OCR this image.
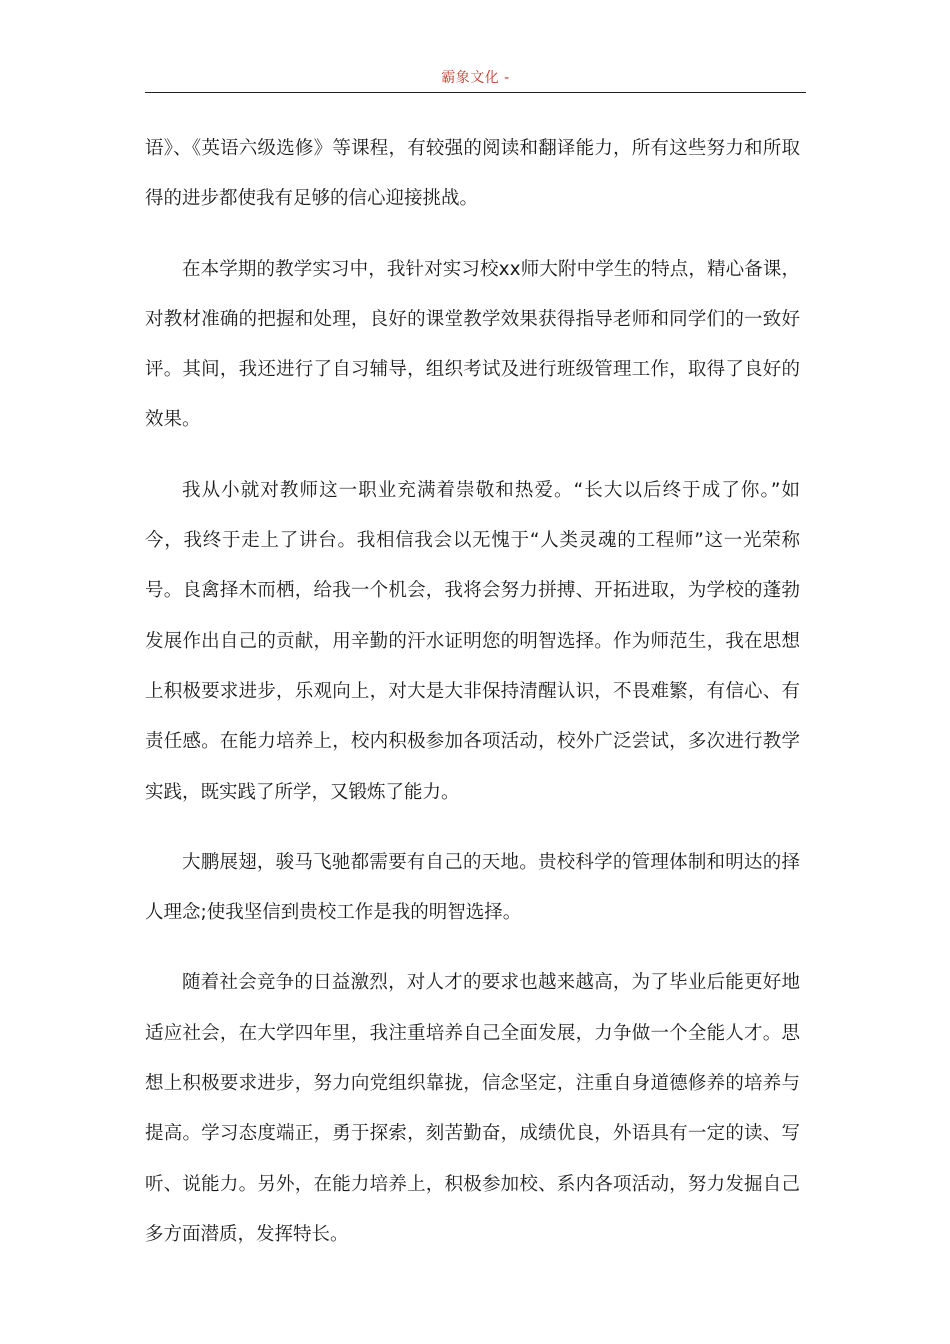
霸象文化 -

语》、《英语六级选修》等课程，有较强的阅读和翻译能力，所有这些努力和所取得的进步都使我有足够的信心迎接挑战。

在本学期的教学实习中，我针对实习校xx师大附中学生的特点，精心备课，对教材准确的把握和处理，良好的课堂教学效果获得指导老师和同学们的一致好评。其间，我还进行了自习辅导，组织考试及进行班级管理工作，取得了良好的效果。

我从小就对教师这一职业充满着崇敬和热爱。“长大以后终于成了你。”如今，我终于走上了讲台。我相信我会以无愧于“人类灵魂的工程师”这一光荣称号。良禽择木而栖，给我一个机会，我将会努力拼搏、开拓进取，为学校的蓬勃发展作出自己的贡献，用辛勤的汗水证明您的明智选择。作为师范生，我在思想上积极要求进步，乐观向上，对大是大非保持清醒认识，不畏难繁，有信心、有责任感。在能力培养上，校内积极参加各项活动，校外广泛尝试，多次进行教学实践，既实践了所学，又锻炼了能力。

大鹏展翅，骏马飞驰都需要有自己的天地。贵校科学的管理体制和明达的择人理念;使我坚信到贵校工作是我的明智选择。

随着社会竞争的日益激烈，对人才的要求也越来越高，为了毕业后能更好地适应社会，在大学四年里，我注重培养自己全面发展，力争做一个全能人才。思想上积极要求进步，努力向党组织靠拢，信念坚定，注重自身道德修养的培养与提高。学习态度端正，勇于探索，刻苦勤奋，成绩优良，外语具有一定的读、写听、说能力。另外，在能力培养上，积极参加校、系内各项活动，努力发掘自己多方面潜质，发挥特长。
